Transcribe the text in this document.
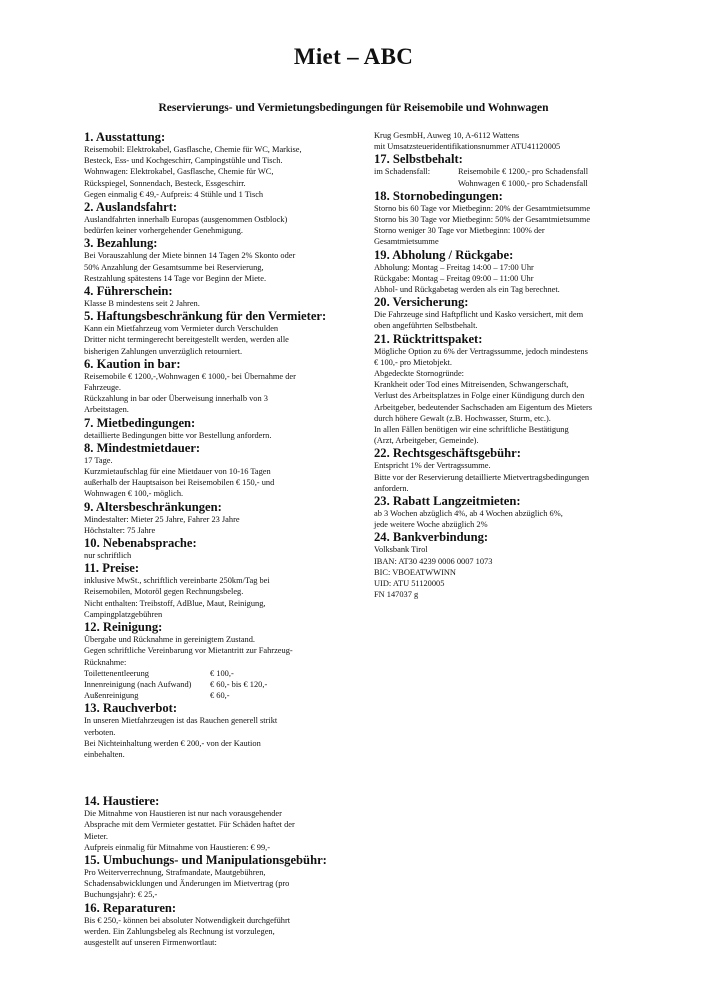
Miet – ABC
Reservierungs- und Vermietungsbedingungen für Reisemobile und Wohnwagen
1. Ausstattung:
Reisemobil: Elektrokabel, Gasflasche, Chemie für WC, Markise,
Besteck, Ess- und Kochgeschirr, Campingstühle und Tisch.
Wohnwagen: Elektrokabel, Gasflasche, Chemie für WC,
Rückspiegel, Sonnendach, Besteck, Essgeschirr.
Gegen einmalig € 49,- Aufpreis: 4 Stühle und 1 Tisch
2. Auslandsfahrt:
Auslandfahrten innerhalb Europas (ausgenommen Ostblock)
bedürfen keiner vorhergehender Genehmigung.
3. Bezahlung:
Bei Vorauszahlung der Miete binnen 14 Tagen 2% Skonto oder
50% Anzahlung der Gesamtsumme bei Reservierung,
Restzahlung spätestens 14 Tage vor Beginn der Miete.
4. Führerschein:
Klasse B mindestens seit 2 Jahren.
5. Haftungsbeschränkung für den Vermieter:
Kann ein Mietfahrzeug vom Vermieter durch Verschulden
Dritter nicht termingerecht bereitgestellt werden, werden alle
bisherigen Zahlungen unverzüglich retourniert.
6. Kaution in bar:
Reisemobile € 1200,-,Wohnwagen € 1000,- bei Übernahme der
Fahrzeuge.
Rückzahlung in bar oder Überweisung innerhalb von 3
Arbeitstagen.
7. Mietbedingungen:
detaillierte Bedingungen bitte vor Bestellung anfordern.
8. Mindestmietdauer:
17 Tage.
Kurzmietaufschlag für eine Mietdauer von 10-16 Tagen
außerhalb der Hauptsaison bei Reisemobilen € 150,- und
Wohnwagen € 100,- möglich.
9. Altersbeschränkungen:
Mindestalter: Mieter 25 Jahre, Fahrer 23 Jahre
Höchstalter: 75 Jahre
10. Nebenabsprache:
nur schriftlich
11. Preise:
inklusive MwSt., schriftlich vereinbarte 250km/Tag bei
Reisemobilen, Motoröl gegen Rechnungsbeleg.
Nicht enthalten: Treibstoff, AdBlue, Maut, Reinigung,
Campingplatzgebühren
12. Reinigung:
Übergabe und Rücknahme in gereinigtem Zustand.
Gegen schriftliche Vereinbarung vor Mietantritt zur Fahrzeug-
Rücknahme:
Toilettenentleerung	€ 100,-
Innenreinigung (nach Aufwand)	€ 60,- bis € 120,-
Außenreinigung	€ 60,-
13. Rauchverbot:
In unseren Mietfahrzeugen ist das Rauchen generell strikt
verboten.
Bei Nichteinhaltung werden € 200,- von der Kaution
einbehalten.
14. Haustiere:
Die Mitnahme von Haustieren ist nur nach vorausgehender
Absprache mit dem Vermieter gestattet. Für Schäden haftet der
Mieter.
Aufpreis einmalig für Mitnahme von Haustieren: € 99,-
15. Umbuchungs- und Manipulationsgebühr:
Pro Weiterverrechnung, Strafmandate, Mautgebühren,
Schadensabwicklungen und Änderungen im Mietvertrag (pro
Buchungsjahr): € 25,-
16. Reparaturen:
Bis € 250,- können bei absoluter Notwendigkeit durchgeführt
werden. Ein Zahlungsbeleg als Rechnung ist vorzulegen,
ausgestellt auf unseren Firmenwortlaut:
Krug GesmbH, Auweg 10, A-6112 Wattens
mit Umsatzsteueridentifikationsnummer ATU41120005
17. Selbstbehalt:
im Schadensfall:	Reisemobile € 1200,- pro Schadensfall
Wohnwagen € 1000,- pro Schadensfall
18. Stornobedingungen:
Storno bis 60 Tage vor Mietbeginn: 20% der Gesamtmietsumme
Storno bis 30 Tage vor Mietbeginn: 50% der Gesamtmietsumme
Storno weniger 30 Tage vor Mietbeginn: 100% der
Gesamtmietsumme
19. Abholung / Rückgabe:
Abholung: Montag – Freitag 14:00 – 17:00 Uhr
Rückgabe: Montag – Freitag 09:00 – 11:00 Uhr
Abhol- und Rückgabetag werden als ein Tag berechnet.
20. Versicherung:
Die Fahrzeuge sind Haftpflicht und Kasko versichert, mit dem
oben angeführten Selbstbehalt.
21. Rücktrittspaket:
Mögliche Option zu 6% der Vertragssumme, jedoch mindestens
€ 100,- pro Mietobjekt.
Abgedeckte Stornogründe:
Krankheit oder Tod eines Mitreisenden, Schwangerschaft,
Verlust des Arbeitsplatzes in Folge einer Kündigung durch den
Arbeitgeber, bedeutender Sachschaden am Eigentum des Mieters
durch höhere Gewalt (z.B. Hochwasser, Sturm, etc.).
In allen Fällen benötigen wir eine schriftliche Bestätigung
(Arzt, Arbeitgeber, Gemeinde).
22. Rechtsgeschäftsgebühr:
Entspricht 1% der Vertragssumme.
Bitte vor der Reservierung detaillierte Mietvertragsbedingungen
anfordern.
23. Rabatt Langzeitmieten:
ab 3 Wochen abzüglich 4%, ab 4 Wochen abzüglich 6%,
jede weitere Woche abzüglich 2%
24. Bankverbindung:
Volksbank Tirol
IBAN: AT30 4239 0006 0007 1073
BIC: VBOEATWWINN
UID: ATU 51120005
FN 147037 g
